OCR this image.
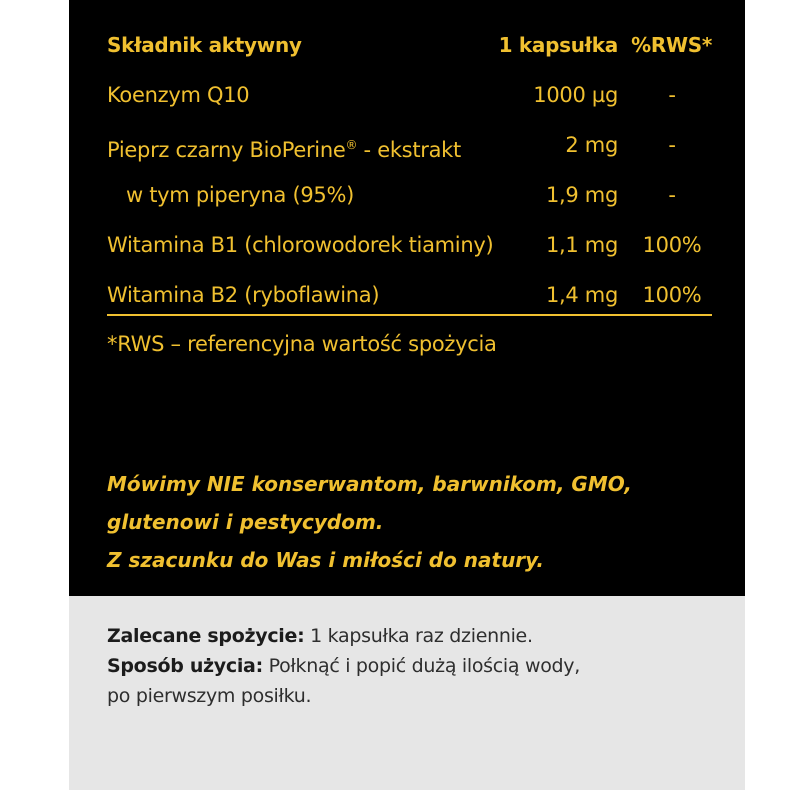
Składnik aktywny	1 kapsułka %RWS*
Koenzym Q10	1000 µg	-
Pieprz czarny BioPerine® - ekstrakt	2 mg	-
w tym piperyna (95%)	1,9 mg	-
Witamina B1 (chlorowodorek tiaminy)	1,1 mg	100%
Witamina B2 (ryboflawina)	1,4 mg	100%
*RWS – referencyjna wartość spożycia
Mówimy NIE konserwantom, barwnikom, GMO,
glutenowi i pestycydom.
Z szacunku do Was i miłości do natury.
Zalecane spożycie: 1 kapsułka raz dziennie.
Sposób użycia: Połknąć i popić dużą ilością wody,
po pierwszym posiłku.
